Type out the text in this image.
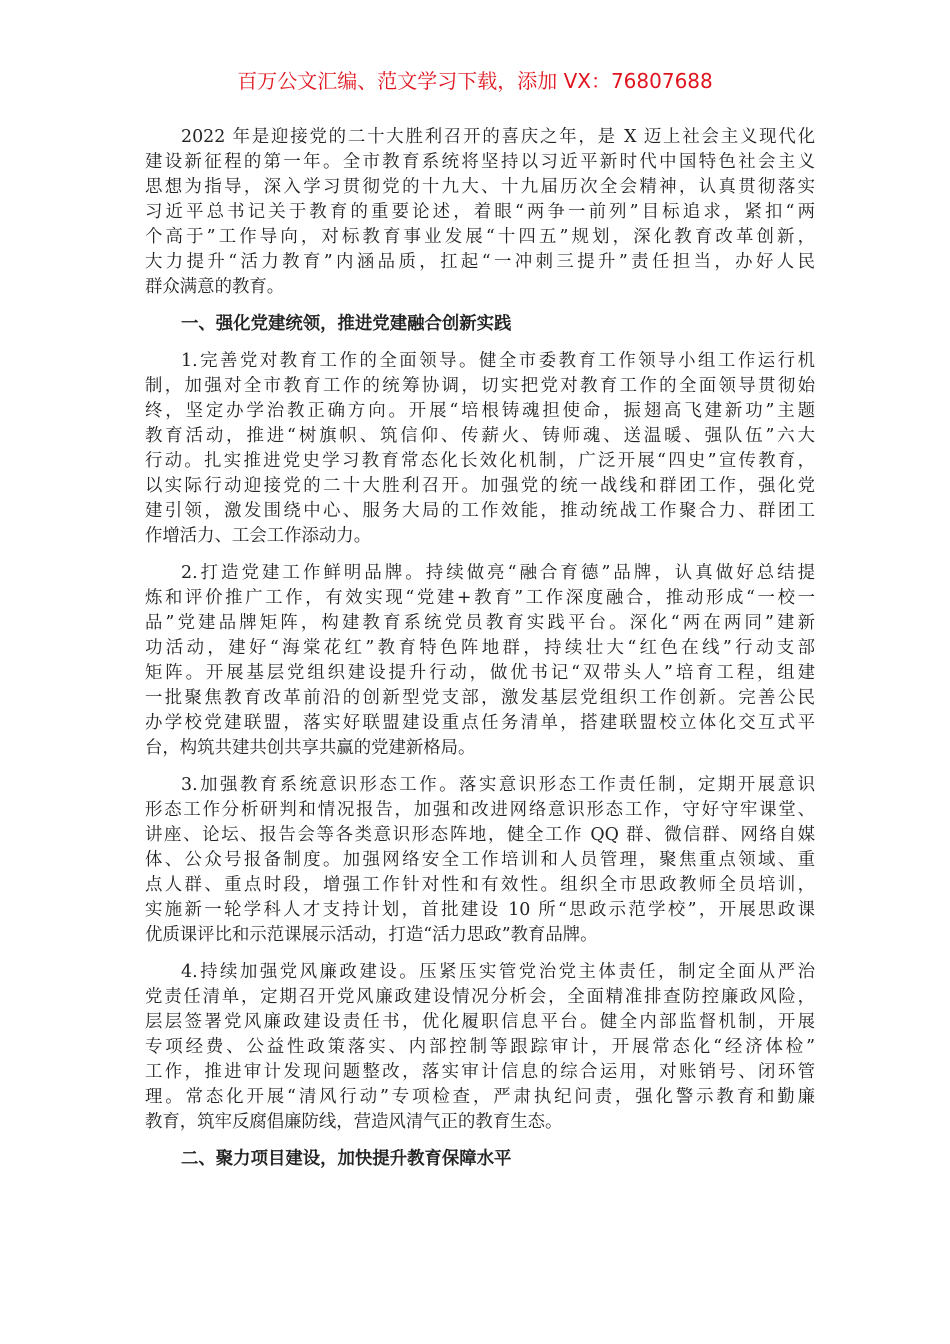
百万公文汇编、范文学习下载，添加 VX：76807688
2022 年是迎接党的二十大胜利召开的喜庆之年，是 X 迈上社会主义现代化
建设新征程的第一年。全市教育系统将坚持以习近平新时代中国特色社会主义
思想为指导，深入学习贯彻党的十九大、十九届历次全会精神，认真贯彻落实
习近平总书记关于教育的重要论述，着眼“两争一前列”目标追求，紧扣“两
个高于”工作导向，对标教育事业发展“十四五”规划，深化教育改革创新，
大力提升“活力教育”内涵品质，扛起“一冲刺三提升”责任担当，办好人民
群众满意的教育。
一、强化党建统领，推进党建融合创新实践
1.完善党对教育工作的全面领导。健全市委教育工作领导小组工作运行机
制，加强对全市教育工作的统筹协调，切实把党对教育工作的全面领导贯彻始
终，坚定办学治教正确方向。开展“培根铸魂担使命，振翅高飞建新功”主题
教育活动，推进“树旗帜、筑信仰、传薪火、铸师魂、送温暖、强队伍”六大
行动。扎实推进党史学习教育常态化长效化机制，广泛开展“四史”宣传教育，
以实际行动迎接党的二十大胜利召开。加强党的统一战线和群团工作，强化党
建引领，激发围绕中心、服务大局的工作效能，推动统战工作聚合力、群团工
作增活力、工会工作添动力。
2.打造党建工作鲜明品牌。持续做亮“融合育德”品牌，认真做好总结提
炼和评价推广工作，有效实现“党建+教育”工作深度融合，推动形成“一校一
品”党建品牌矩阵，构建教育系统党员教育实践平台。深化“两在两同”建新
功活动，建好“海棠花红”教育特色阵地群，持续壮大“红色在线”行动支部
矩阵。开展基层党组织建设提升行动，做优书记“双带头人”培育工程，组建
一批聚焦教育改革前沿的创新型党支部，激发基层党组织工作创新。完善公民
办学校党建联盟，落实好联盟建设重点任务清单，搭建联盟校立体化交互式平
台，构筑共建共创共享共赢的党建新格局。
3.加强教育系统意识形态工作。落实意识形态工作责任制，定期开展意识
形态工作分析研判和情况报告，加强和改进网络意识形态工作，守好守牢课堂、
讲座、论坛、报告会等各类意识形态阵地，健全工作 QQ 群、微信群、网络自媒
体、公众号报备制度。加强网络安全工作培训和人员管理，聚焦重点领域、重
点人群、重点时段，增强工作针对性和有效性。组织全市思政教师全员培训，
实施新一轮学科人才支持计划，首批建设 10 所“思政示范学校”，开展思政课
优质课评比和示范课展示活动，打造“活力思政”教育品牌。
4.持续加强党风廉政建设。压紧压实管党治党主体责任，制定全面从严治
党责任清单，定期召开党风廉政建设情况分析会，全面精准排查防控廉政风险，
层层签署党风廉政建设责任书，优化履职信息平台。健全内部监督机制，开展
专项经费、公益性政策落实、内部控制等跟踪审计，开展常态化“经济体检”
工作，推进审计发现问题整改，落实审计信息的综合运用，对账销号、闭环管
理。常态化开展“清风行动”专项检查，严肃执纪问责，强化警示教育和勤廉
教育，筑牢反腐倡廉防线，营造风清气正的教育生态。
二、聚力项目建设，加快提升教育保障水平
